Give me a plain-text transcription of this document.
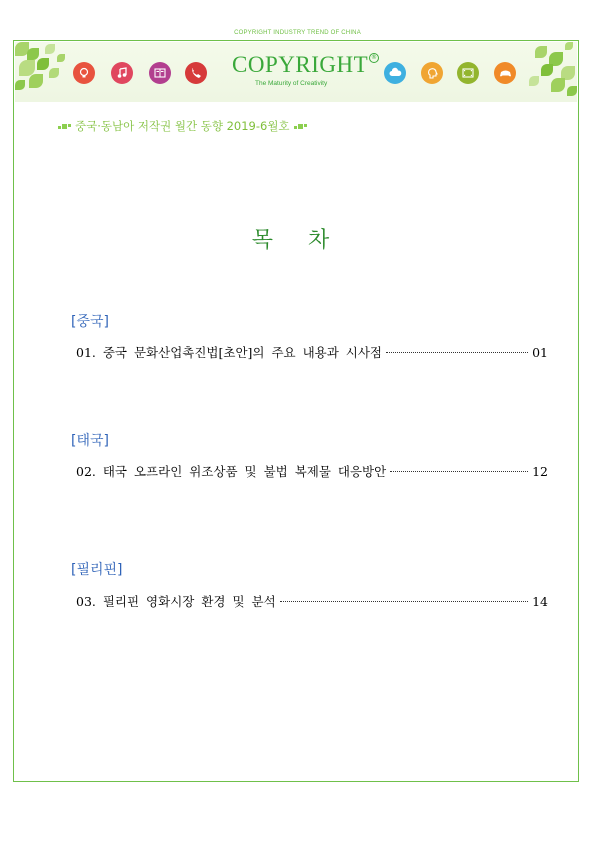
COPYRIGHT INDUSTRY TREND OF CHINA
COPYRIGHT ®
The Maturity of Creativity
중국·동남아 저작권 월간 동향 2019-6월호
목 차
[중국]
01. 중국 문화산업촉진법[초안]의 주요 내용과 시사점	01
[태국]
02. 태국 오프라인 위조상품 및 불법 복제물 대응방안	12
[필리핀]
03. 필리핀 영화시장 환경 및 분석	14
